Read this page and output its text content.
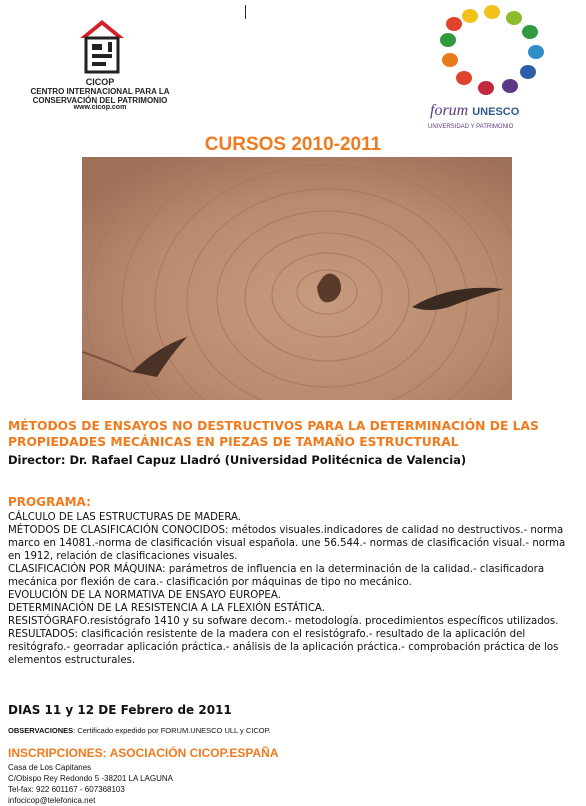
CICOP
CENTRO INTERNACIONAL PARA LA CONSERVACIÓN DEL PATRIMONIO
www.cicop.com	forum UNESCO
UNIVERSIDAD Y PATRIMONIO
CURSOS 2010-2011
MÉTODOS DE ENSAYOS NO DESTRUCTIVOS PARA LA DETERMINACIÓN DE LAS PROPIEDADES MECÁNICAS EN PIEZAS DE TAMAÑO ESTRUCTURAL
Director: Dr. Rafael Capuz Lladró (Universidad Politécnica de Valencia)
PROGRAMA:

CÁLCULO DE LAS ESTRUCTURAS DE MADERA.

MÉTODOS DE CLASIFICACIÓN CONOCIDOS: métodos visuales.indicadores de calidad no destructivos.- norma marco en 14081.-norma de clasificación visual española. une 56.544.- normas de clasificación visual.- norma en 1912, relación de clasificaciones visuales.

CLASIFICACIÓN POR MÁQUINA: parámetros de influencia en la determinación de la calidad.- clasificadora mecánica por flexión de cara.- clasificación por máquinas de tipo no mecánico.

EVOLUCIÓN DE LA NORMATIVA DE ENSAYO EUROPEA.

DETERMINACIÓN DE LA RESISTENCIA A LA FLEXIÓN ESTÁTICA.

RESISTÓGRAFO.resistógrafo 1410 y su sofware decom.- metodología. procedimientos específicos utilizados.

RESULTADOS: clasificación resistente de la madera con el resistógrafo.- resultado de la aplicación del resitógrafo.- georradar aplicación práctica.- análisis de la aplicación práctica.- comprobación práctica de los elementos estructurales.

DIAS 11 y 12 DE Febrero de 2011
OBSERVACIONES: Certificado expedido por FORUM.UNESCO ULL y CICOP.
INSCRIPCIONES: ASOCIACIÓN CICOP.ESPAÑA
Casa de Los Capitanes
C/Obispo Rey Redondo 5 -38201 LA LAGUNA
Tel-fax: 922 601167 - 607368103
infocicop@telefonica.net
